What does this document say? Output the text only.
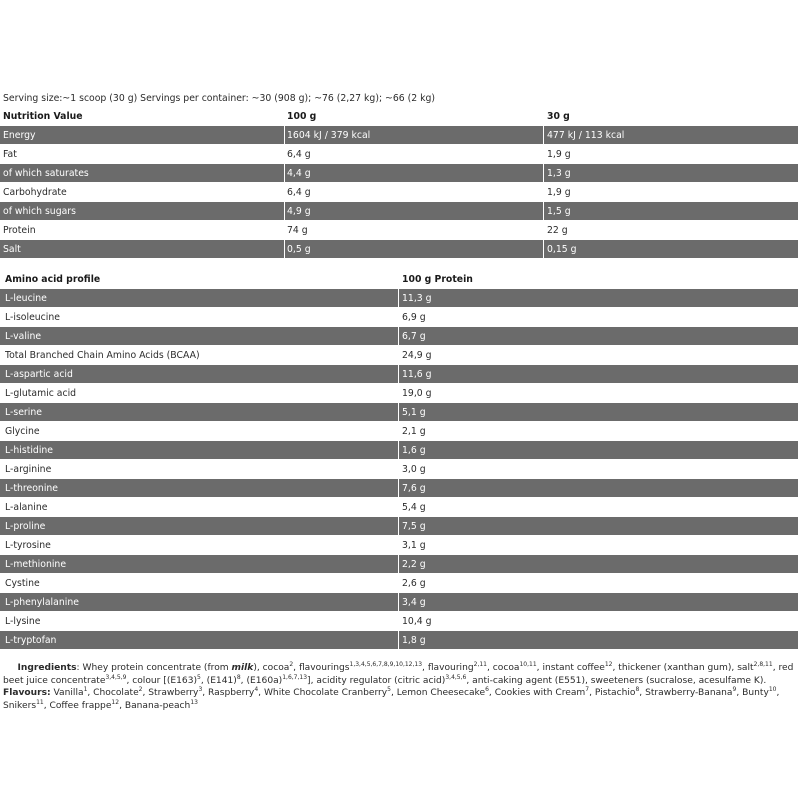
Serving size:~1 scoop (30 g) Servings per container: ~30 (908 g); ~76 (2,27 kg); ~66 (2 kg)
Nutrition Value	100 g	30 g
Energy	1604 kJ / 379 kcal	477 kJ / 113 kcal
Fat	6,4 g	1,9 g
of which saturates	4,4 g	1,3 g
Carbohydrate	6,4 g	1,9 g
of which sugars	4,9 g	1,5 g
Protein	74 g	22 g
Salt	0,5 g	0,15 g
Amino acid profile	100 g Protein
L-leucine	11,3 g
L-isoleucine	6,9 g
L-valine	6,7 g
Total Branched Chain Amino Acids (BCAA)	24,9 g
L-aspartic acid	11,6 g
L-glutamic acid	19,0 g
L-serine	5,1 g
Glycine	2,1 g
L-histidine	1,6 g
L-arginine	3,0 g
L-threonine	7,6 g
L-alanine	5,4 g
L-proline	7,5 g
L-tyrosine	3,1 g
L-methionine	2,2 g
Cystine	2,6 g
L-phenylalanine	3,4 g
L-lysine	10,4 g
L-tryptofan	1,8 g
Ingredients: Whey protein concentrate (from milk), cocoa$^2$, flavourings$^{1,3,4,5,6,7,8,9,10,12,13}$, flavouring$^{2,11}$, cocoa$^{10,11}$, instant coffee$^{12}$, thickener (xanthan gum), salt$^{2,8,11}$, red beet juice concentrate$^{3,4,5,9}$, colour [$(E163)^5$, $(E141)^8$, $(E160a)^{1,6,7,13}$], acidity regulator (citric acid)$^{3,4,5,6}$, anti-caking agent (E551), sweeteners (sucralose, acesulfame K). Flavours: Vanilla$^1$, Chocolate$^2$, Strawberry$^3$, Raspberry$^4$, White Chocolate Cranberry$^5$, Lemon Cheesecake$^6$, Cookies with Cream$^7$, Pistachio$^8$, Strawberry-Banana$^9$, Bunty$^{10}$, Snikers$^{11}$, Coffee frappe$^{12}$, Banana-peach$^{13}$
